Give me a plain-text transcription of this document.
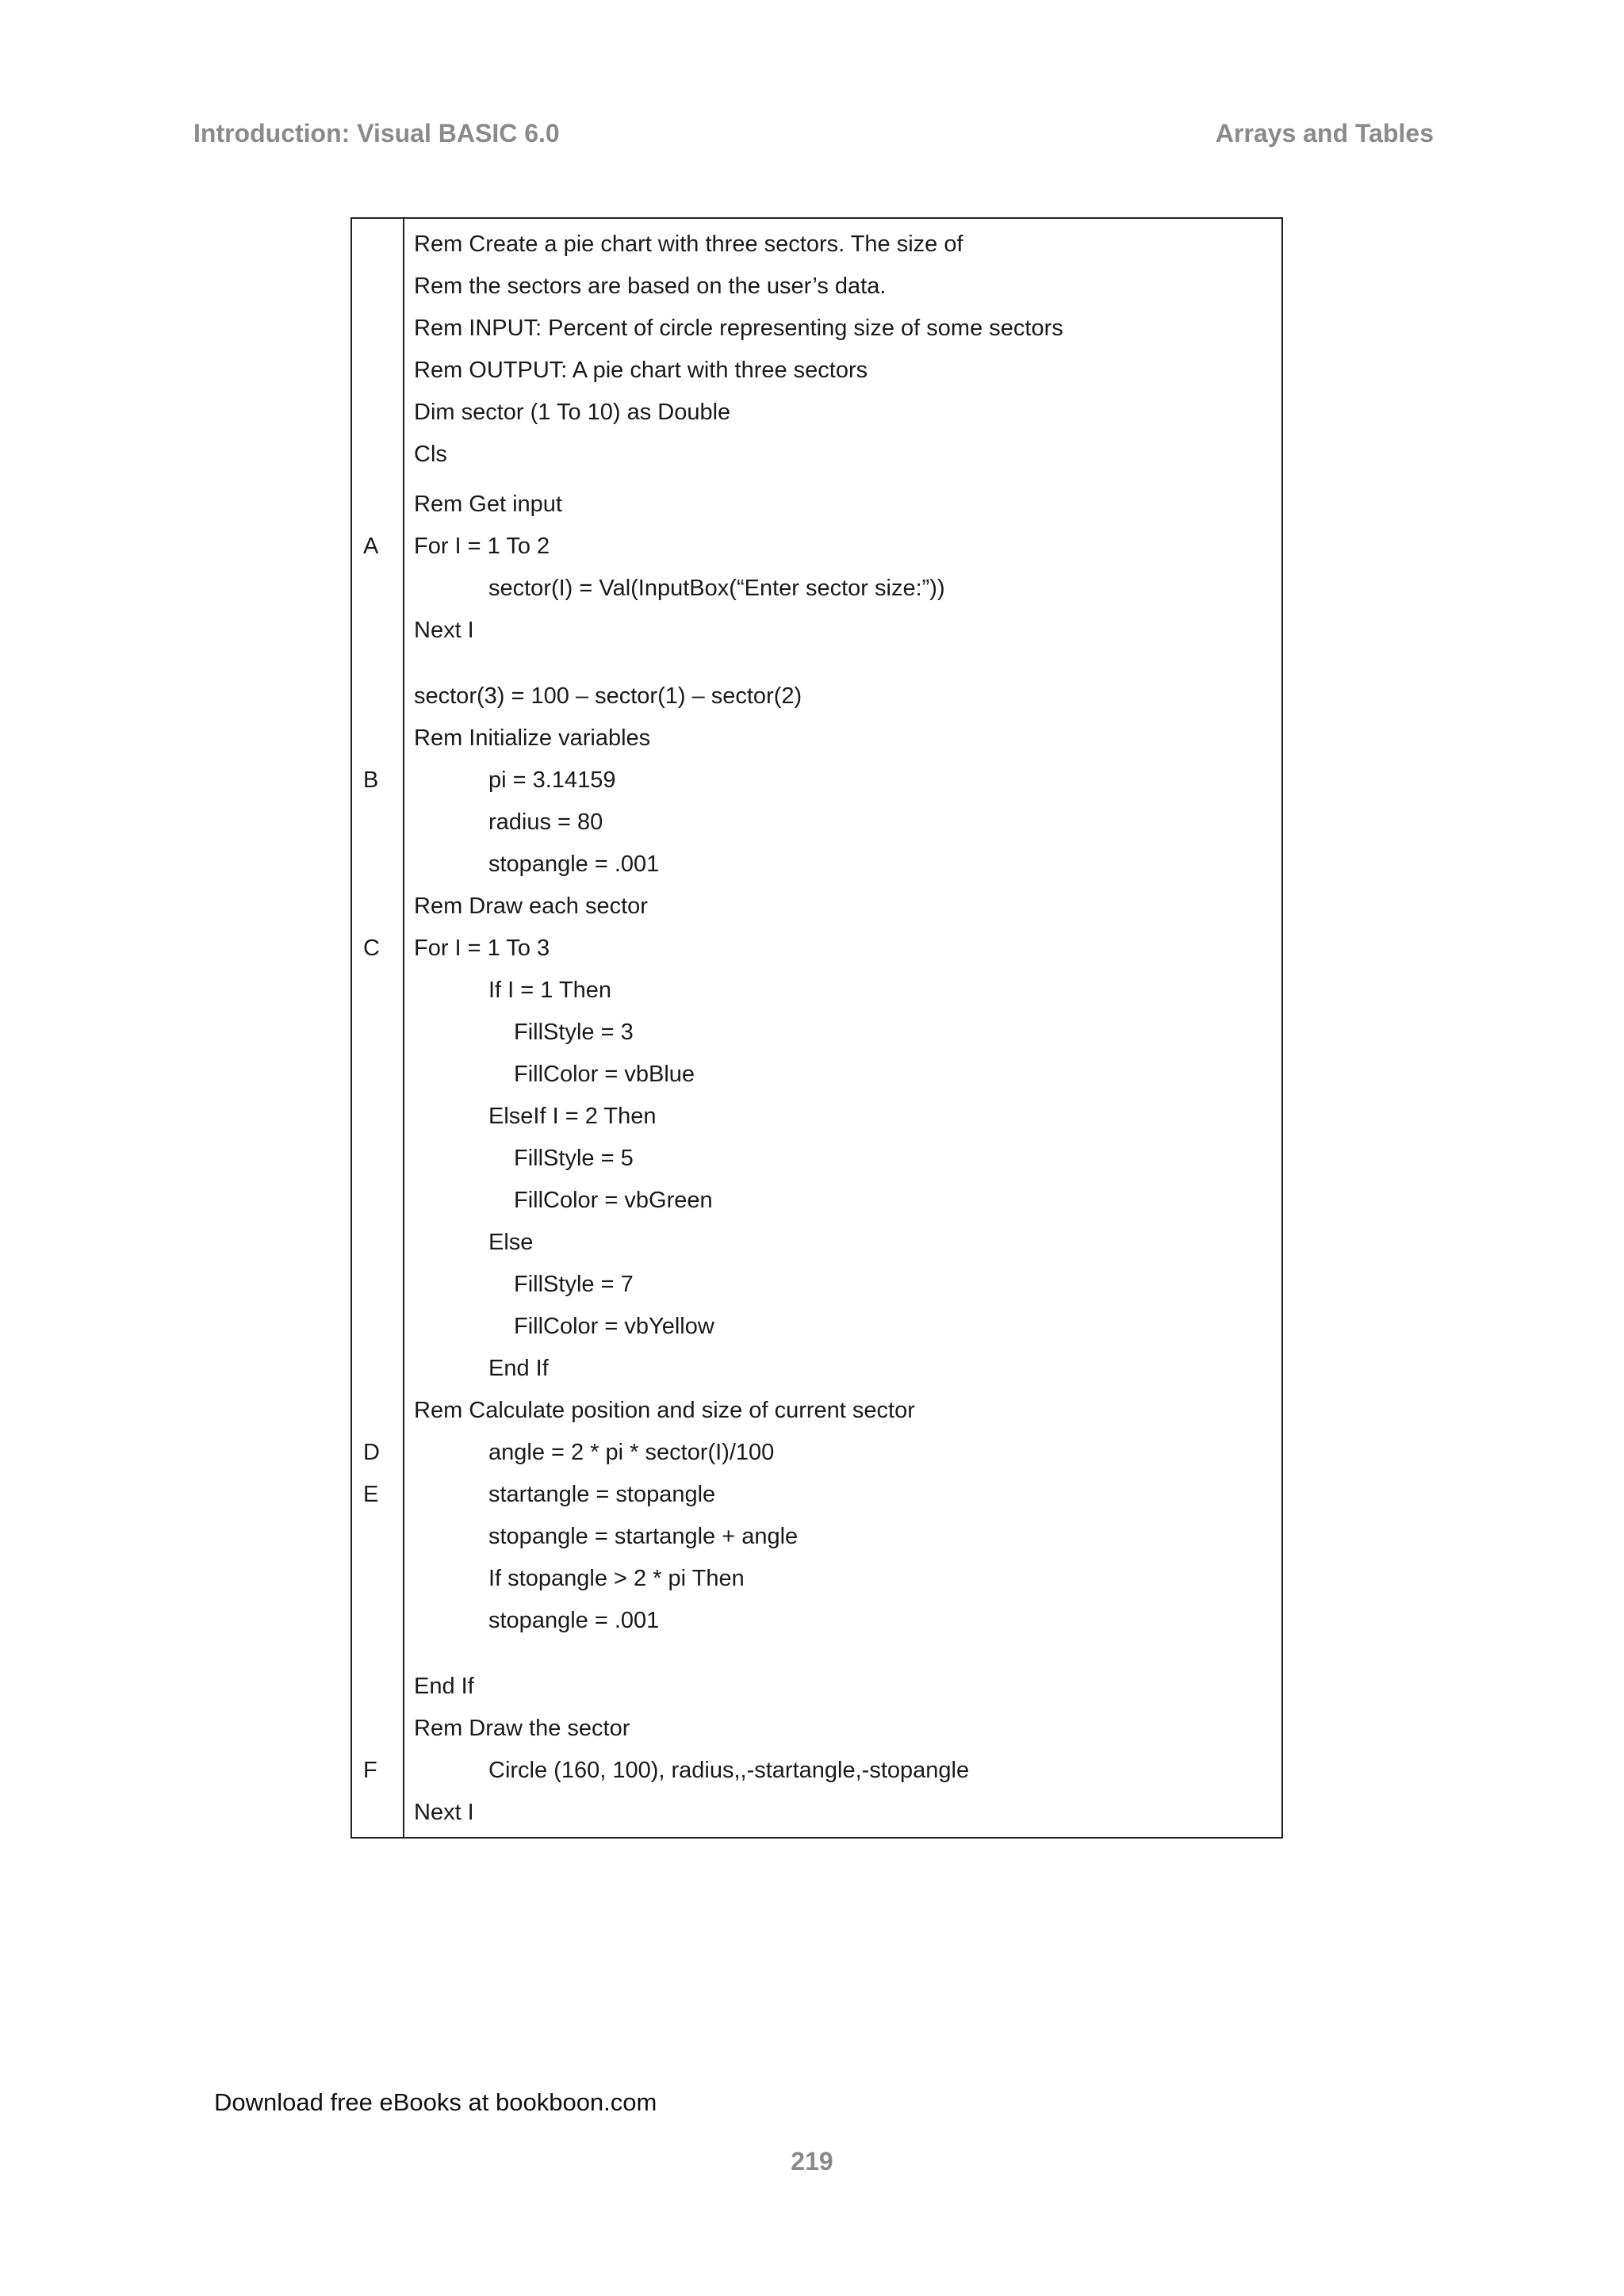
Introduction: Visual BASIC 6.0	Arrays and Tables
Rem Create a pie chart with three sectors. The size of
Rem the sectors are based on the user’s data.
Rem INPUT: Percent of circle representing size of some sectors
Rem OUTPUT: A pie chart with three sectors
Dim sector (1 To 10) as Double
Cls
Rem Get input
A	For I = 1 To 2
sector(I) = Val(InputBox(“Enter sector size:”))
Next I
sector(3) = 100 – sector(1) – sector(2)
Rem Initialize variables
B	pi = 3.14159
radius = 80
stopangle = .001
Rem Draw each sector
C	For I = 1 To 3
If I = 1 Then
FillStyle = 3
FillColor = vbBlue
ElseIf I = 2 Then
FillStyle = 5
FillColor = vbGreen
Else
FillStyle = 7
FillColor = vbYellow
End If
Rem Calculate position and size of current sector
D	angle = 2 * pi * sector(I)/100
E	startangle = stopangle
stopangle = startangle + angle
If stopangle > 2 * pi Then
stopangle = .001
End If
Rem Draw the sector
F	Circle (160, 100), radius,,-startangle,-stopangle
Next I
Download free eBooks at bookboon.com
219
